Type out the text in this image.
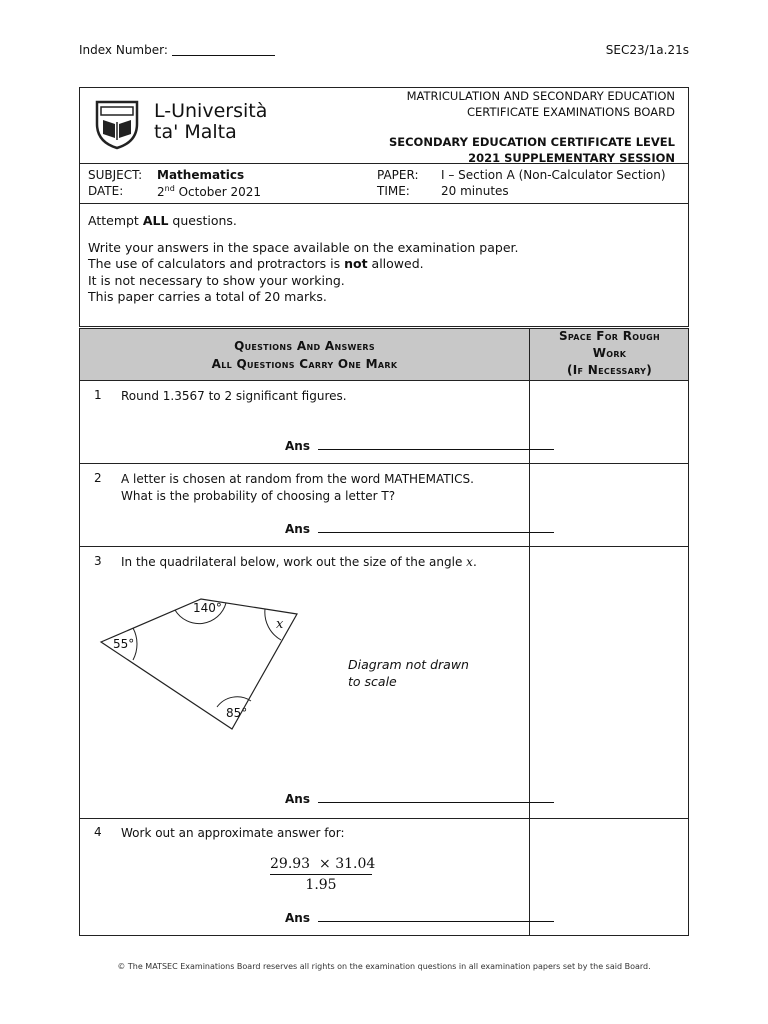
Index Number:	SEC23/1a.21s
L-Università
ta' Malta
MATRICULATION AND SECONDARY EDUCATION
CERTIFICATE EXAMINATIONS BOARD
SECONDARY EDUCATION CERTIFICATE LEVEL
2021 SUPPLEMENTARY SESSION
SUBJECT: Mathematics
DATE:	2nd October 2021
PAPER: I – Section A (Non-Calculator Section)
TIME:	20 minutes
Attempt ALL questions.
Write your answers in the space available on the examination paper.
The use of calculators and protractors is not allowed.
It is not necessary to show your working.
This paper carries a total of 20 marks.
Questions And Answers
All Questions Carry One Mark
Space For Rough
Work
(If Necessary)
1 Round 1.3567 to 2 significant figures.
Ans
2 A letter is chosen at random from the word MATHEMATICS.
What is the probability of choosing a letter T?
Ans
3 In the quadrilateral below, work out the size of the angle x.
140°
55°
x
85°
Diagram not drawn
to scale
Ans
4 Work out an approximate answer for:
$\frac{29.93 \times 31.04}{1.95}$
Ans
© The MATSEC Examinations Board reserves all rights on the examination questions in all examination papers set by the said Board.
